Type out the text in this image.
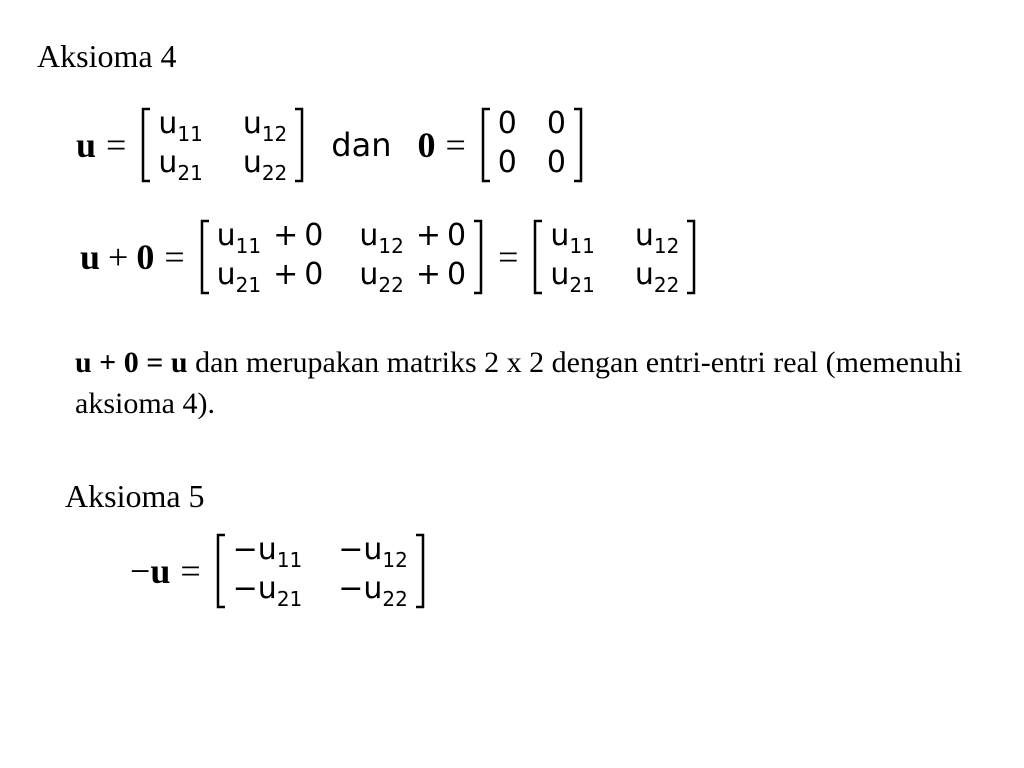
Aksioma 4
u =
$u_{11}$ $u_{12}$
$u_{21}$ $u_{22}$
dan 0 =
0 0
0 0
u + 0 =
$u_{11} + 0$ $u_{12} + 0$
$u_{21} + 0$ $u_{22} + 0$ =
$u_{11}$ $u_{12}$
$u_{21}$ $u_{22}$

u + 0 = u dan merupakan matriks 2 x 2 dengan entri-entri real (memenuhi aksioma 4).

Aksioma 5
− u =
$-u_{11} -u_{12}$
$-u_{21} -u_{22}$
